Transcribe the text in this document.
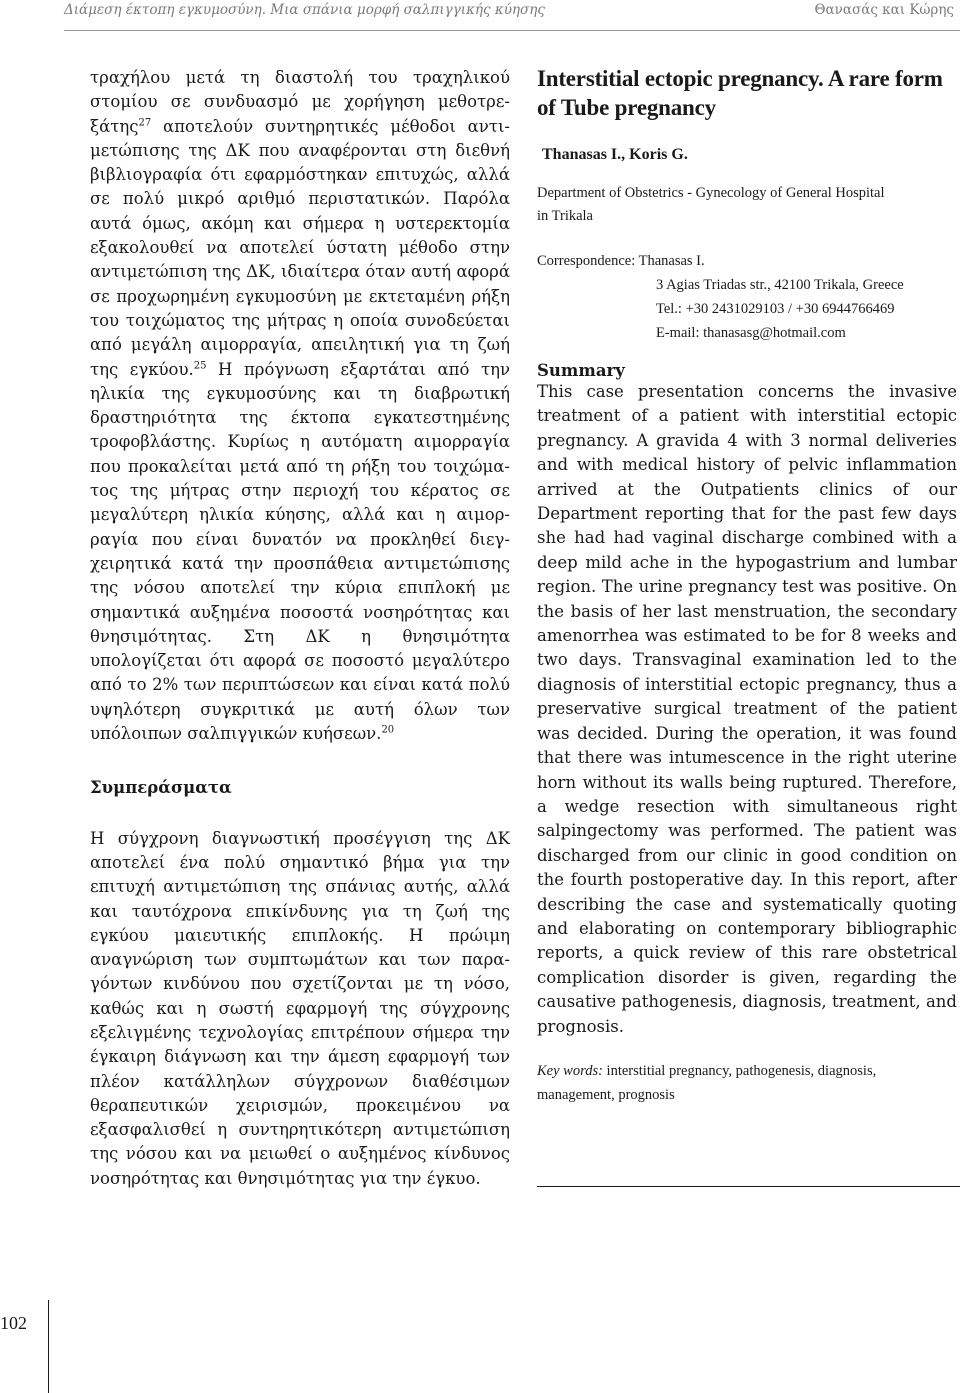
Διάμεση έκτοπη εγκυμοσύνη. Μια σπάνια μορφή σαλπιγγικής κύησης	Θανασάς και Κώρης

τραχήλου μετά τη διαστολή του τραχηλικού στομίου σε συνδυασμό με χορήγηση μεθοτρεξάτης$^{27}$ αποτελούν συντηρητικές μέθοδοι αντιμετώπισης της ΔΚ που αναφέρονται στη διεθνή βιβλιογραφία ότι εφαρμόστηκαν επιτυχώς, αλλά σε πολύ μικρό αριθμό περιστατικών. Παρόλα αυτά όμως, ακόμη και σήμερα η υστερεκτομία εξακολουθεί να αποτελεί ύστατη μέθοδο στην αντιμετώπιση της ΔΚ, ιδιαίτερα όταν αυτή αφορά σε προχωρημένη εγκυμοσύνη με εκτεταμένη ρήξη του τοιχώματος της μήτρας η οποία συνοδεύεται από μεγάλη αιμορραγία, απειλητική για τη ζωή της εγκύου.$^{25}$ Η πρόγνωση εξαρτάται από την ηλικία της εγκυμοσύνης και τη διαβρωτική δραστηριότητα της έκτοπα εγκατεστημένης τροφοβλάστης. Κυρίως η αυτόματη αιμορραγία που προκαλείται μετά από τη ρήξη του τοιχώματος της μήτρας στην περιοχή του κέρατος σε μεγαλύτερη ηλικία κύησης, αλλά και η αιμορραγία που είναι δυνατόν να προκληθεί διεγχειρητικά κατά την προσπάθεια αντιμετώπισης της νόσου αποτελεί την κύρια επιπλοκή με σημαντικά αυξημένα ποσοστά νοσηρότητας και θνησιμότητας. Στη ΔΚ η θνησιμότητα υπολογίζεται ότι αφορά σε ποσοστό μεγαλύτερο από το 2% των περιπτώσεων και είναι κατά πολύ υψηλότερη συγκριτικά με αυτή όλων των υπόλοιπων σαλπιγγικών κυήσεων.$^{20}$

Συμπεράσματα

Η σύγχρονη διαγνωστική προσέγγιση της ΔΚ αποτελεί ένα πολύ σημαντικό βήμα για την επιτυχή αντιμετώπιση της σπάνιας αυτής, αλλά και ταυτόχρονα επικίνδυνης για τη ζωή της εγκύου μαιευτικής επιπλοκής. Η πρώιμη αναγνώριση των συμπτωμάτων και των παραγόντων κινδύνου που σχετίζονται με τη νόσο, καθώς και η σωστή εφαρμογή της σύγχρονης εξελιγμένης τεχνολογίας επιτρέπουν σήμερα την έγκαιρη διάγνωση και την άμεση εφαρμογή των πλέον κατάλληλων σύγχρονων διαθέσιμων θεραπευτικών χειρισμών, προκειμένου να εξασφαλισθεί η συντηρητικότερη αντιμετώπιση της νόσου και να μειωθεί ο αυξημένος κίνδυνος νοσηρότητας και θνησιμότητας για την έγκυο.

Interstitial ectopic pregnancy. A rare form
of Tube pregnancy
Thanasas I., Koris G.
Department of Obstetrics - Gynecology of General Hospital
in Trikala
Correspondence: Thanasas I.
3 Agias Triadas str., 42100 Trikala, Greece
Tel.: +30 2431029103 / +30 6944766469
E-mail: thanasasg@hotmail.com
Summary

This case presentation concerns the invasive treatment of a patient with interstitial ectopic pregnancy. A gravida 4 with 3 normal deliveries and with medical history of pelvic inflammation arrived at the Outpatients clinics of our Department reporting that for the past few days she had had vaginal discharge combined with a deep mild ache in the hypogastrium and lumbar region. The urine pregnancy test was positive. On the basis of her last menstruation, the secondary amenorrhea was estimated to be for 8 weeks and two days. Transvaginal examination led to the diagnosis of interstitial ectopic pregnancy, thus a preservative surgical treatment of the patient was decided. During the operation, it was found that there was intumescence in the right uterine horn without its walls being ruptured. Therefore, a wedge resection with simultaneous right salpingectomy was performed. The patient was discharged from our clinic in good condition on the fourth postoperative day. In this report, after describing the case and systematically quoting and elaborating on contemporary bibliographic reports, a quick review of this rare obstetrical complication disorder is given, regarding the causative pathogenesis, diagnosis, treatment, and prognosis.

Key words: interstitial pregnancy, pathogenesis, diagnosis, management, prognosis
102
